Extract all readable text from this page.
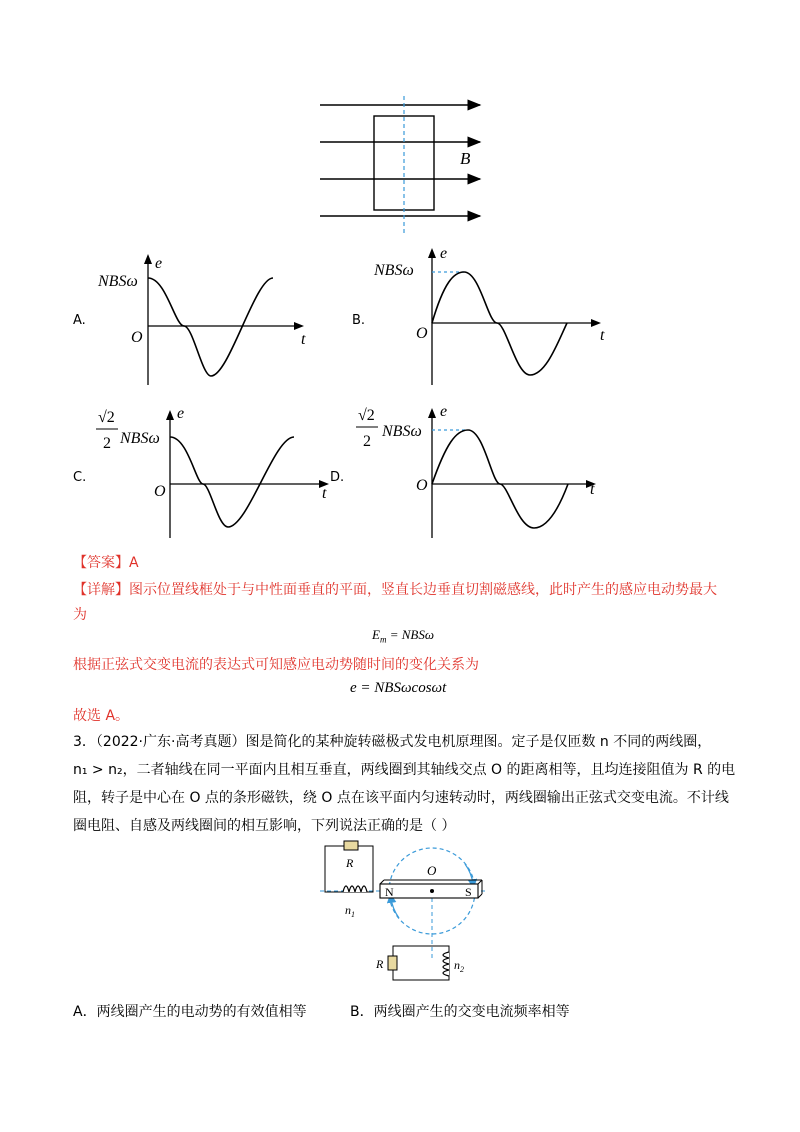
B
A.
NBSω
e
O	t
B.
NBSω
e
O	t
C.
√2
2 NBSω
e
O	t
D.
√2
2
NBSω
e
O	t
【答案】A
【详解】图示位置线框处于与中性面垂直的平面，竖直长边垂直切割磁感线，此时产生的感应电动势最大
为
$E_m = NBS\omega$
根据正弦式交变电流的表达式可知感应电动势随时间的变化关系为
e = NBSωcosωt
故选 A。
3．（2022·广东·高考真题）图是简化的某种旋转磁极式发电机原理图。定子是仅匝数 n 不同的两线圈，
n₁ > n₂，二者轴线在同一平面内且相互垂直，两线圈到其轴线交点 O 的距离相等，且均连接阻值为 R 的电
阻，转子是中心在 O 点的条形磁铁，绕 O 点在该平面内匀速转动时，两线圈输出正弦式交变电流。不计线
圈电阻、自感及两线圈间的相互影响，下列说法正确的是（ ）
N	S
O
R
$n_1$
R	$n_2$
A．两线圈产生的电动势的有效值相等	B．两线圈产生的交变电流频率相等
